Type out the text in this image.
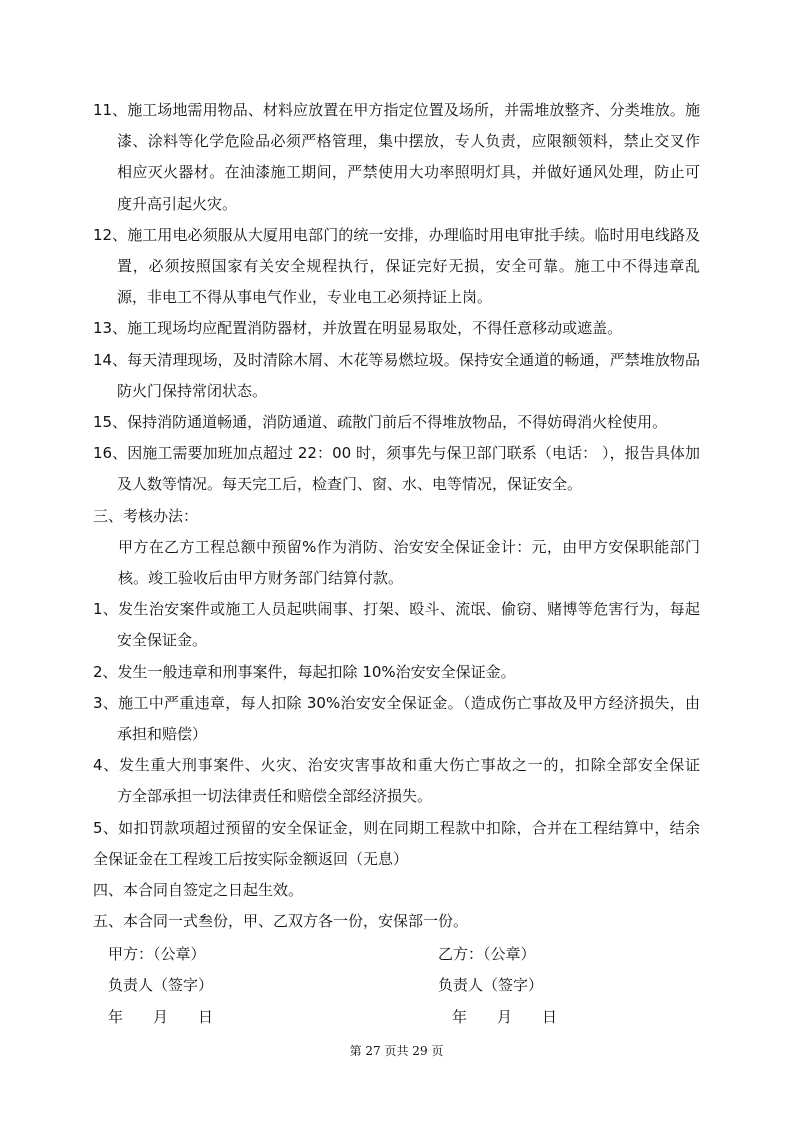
11、施工场地需用物品、材料应放置在甲方指定位置及场所，并需堆放整齐、分类堆放。施
漆、涂料等化学危险品必须严格管理，集中摆放，专人负责，应限额领料，禁止交叉作
相应灭火器材。在油漆施工期间，严禁使用大功率照明灯具，并做好通风处理，防止可
度升高引起火灾。
12、施工用电必须服从大厦用电部门的统一安排，办理临时用电审批手续。临时用电线路及
置，必须按照国家有关安全规程执行，保证完好无损，安全可靠。施工中不得违章乱
源，非电工不得从事电气作业，专业电工必须持证上岗。
13、施工现场均应配置消防器材，并放置在明显易取处，不得任意移动或遮盖。
14、每天清理现场，及时清除木屑、木花等易燃垃圾。保持安全通道的畅通，严禁堆放物品
防火门保持常闭状态。
15、保持消防通道畅通，消防通道、疏散门前后不得堆放物品，不得妨碍消火栓使用。
16、因施工需要加班加点超过 22：00 时，须事先与保卫部门联系（电话： ），报告具体加
及人数等情况。每天完工后，检查门、窗、水、电等情况，保证安全。
三、考核办法：
甲方在乙方工程总额中预留%作为消防、治安安全保证金计：元，由甲方安保职能部门
核。竣工验收后由甲方财务部门结算付款。
1、发生治安案件或施工人员起哄闹事、打架、殴斗、流氓、偷窃、赌博等危害行为，每起
安全保证金。
2、发生一般违章和刑事案件，每起扣除 10%治安安全保证金。
3、施工中严重违章，每人扣除 30%治安安全保证金。（造成伤亡事故及甲方经济损失，由
承担和赔偿）
4、发生重大刑事案件、火灾、治安灾害事故和重大伤亡事故之一的，扣除全部安全保证
方全部承担一切法律责任和赔偿全部经济损失。
5、如扣罚款项超过预留的安全保证金，则在同期工程款中扣除，合并在工程结算中，结余
全保证金在工程竣工后按实际金额返回（无息）
四、本合同自签定之日起生效。
五、本合同一式叁份，甲、乙双方各一份，安保部一份。
甲方：（公章）	乙方：（公章）
负责人（签字）	负责人（签字）
年　　月　　日	年　　月　　日
第 27 页共 29 页
